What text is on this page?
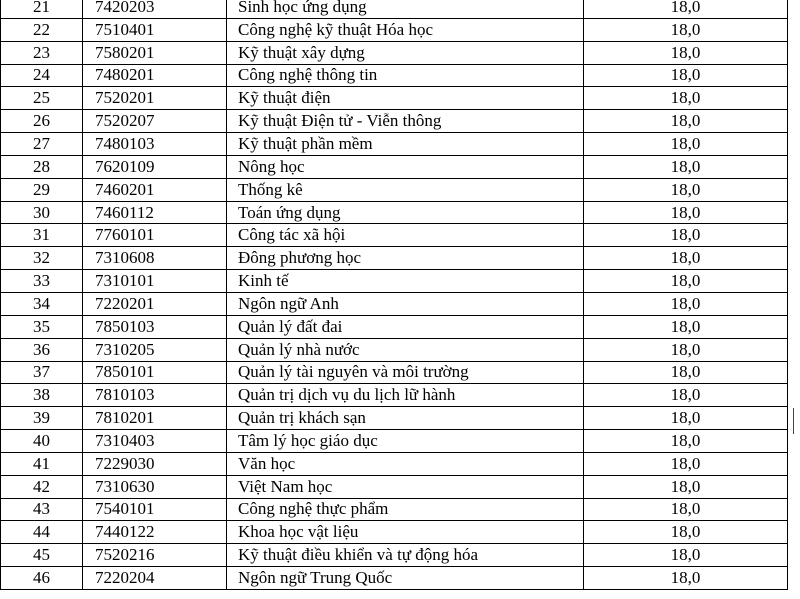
21	7420203	Sinh học ứng dụng	18,0
22	7510401	Công nghệ kỹ thuật Hóa học	18,0
23	7580201	Kỹ thuật xây dựng	18,0
24	7480201	Công nghệ thông tin	18,0
25	7520201	Kỹ thuật điện	18,0
26	7520207	Kỹ thuật Điện tử - Viễn thông	18,0
27	7480103	Kỹ thuật phần mềm	18,0
28	7620109	Nông học	18,0
29	7460201	Thống kê	18,0
30	7460112	Toán ứng dụng	18,0
31	7760101	Công tác xã hội	18,0
32	7310608	Đông phương học	18,0
33	7310101	Kinh tế	18,0
34	7220201	Ngôn ngữ Anh	18,0
35	7850103	Quản lý đất đai	18,0
36	7310205	Quản lý nhà nước	18,0
37	7850101	Quản lý tài nguyên và môi trường	18,0
38	7810103	Quản trị dịch vụ du lịch lữ hành	18,0
39	7810201	Quản trị khách sạn	18,0
40	7310403	Tâm lý học giáo dục	18,0
41	7229030	Văn học	18,0
42	7310630	Việt Nam học	18,0
43	7540101	Công nghệ thực phẩm	18,0
44	7440122	Khoa học vật liệu	18,0
45	7520216	Kỹ thuật điều khiển và tự động hóa	18,0
46	7220204	Ngôn ngữ Trung Quốc	18,0
